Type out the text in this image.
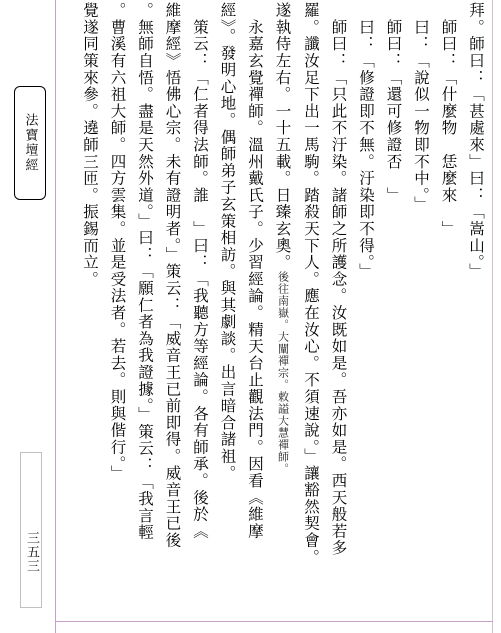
法寶壇經
三五三
拜。師曰：「甚處來」曰：「嵩山。」
　師曰：「什麼物　恁麼來　」
　曰：「說似一物即不中。」
　師曰：「還可修證否　」
　曰：「修證即不無。汙染即不得。」
　師曰：「只此不汙染。諸師之所護念。汝既如是。吾亦如是。西天般若多
羅。讖汝足下出一馬駒。踏殺天下人。應在汝心。不須速說。」讓豁然契會。
遂執侍左右。一十五載。日臻玄奧。後往南嶽。大闡禪宗。敕謚大慧禪師。
　永嘉玄覺禪師。溫州戴氏子。少習經論。精天台止觀法門。因看《維摩
經》。發明心地。偶師弟子玄策相訪。與其劇談。出言暗合諸祖。
　策云：「仁者得法師。誰　」曰：「我聽方等經論。各有師承。後於《
維摩經》悟佛心宗。未有證明者。」策云：「威音王已前即得。威音王已後
。無師自悟。盡是天然外道。」曰：「願仁者為我證據。」策云：「我言輕
。曹溪有六祖大師。四方雲集。並是受法者。若去。則與偕行。」
覺遂同策來參。遶師三匝。振錫而立。
